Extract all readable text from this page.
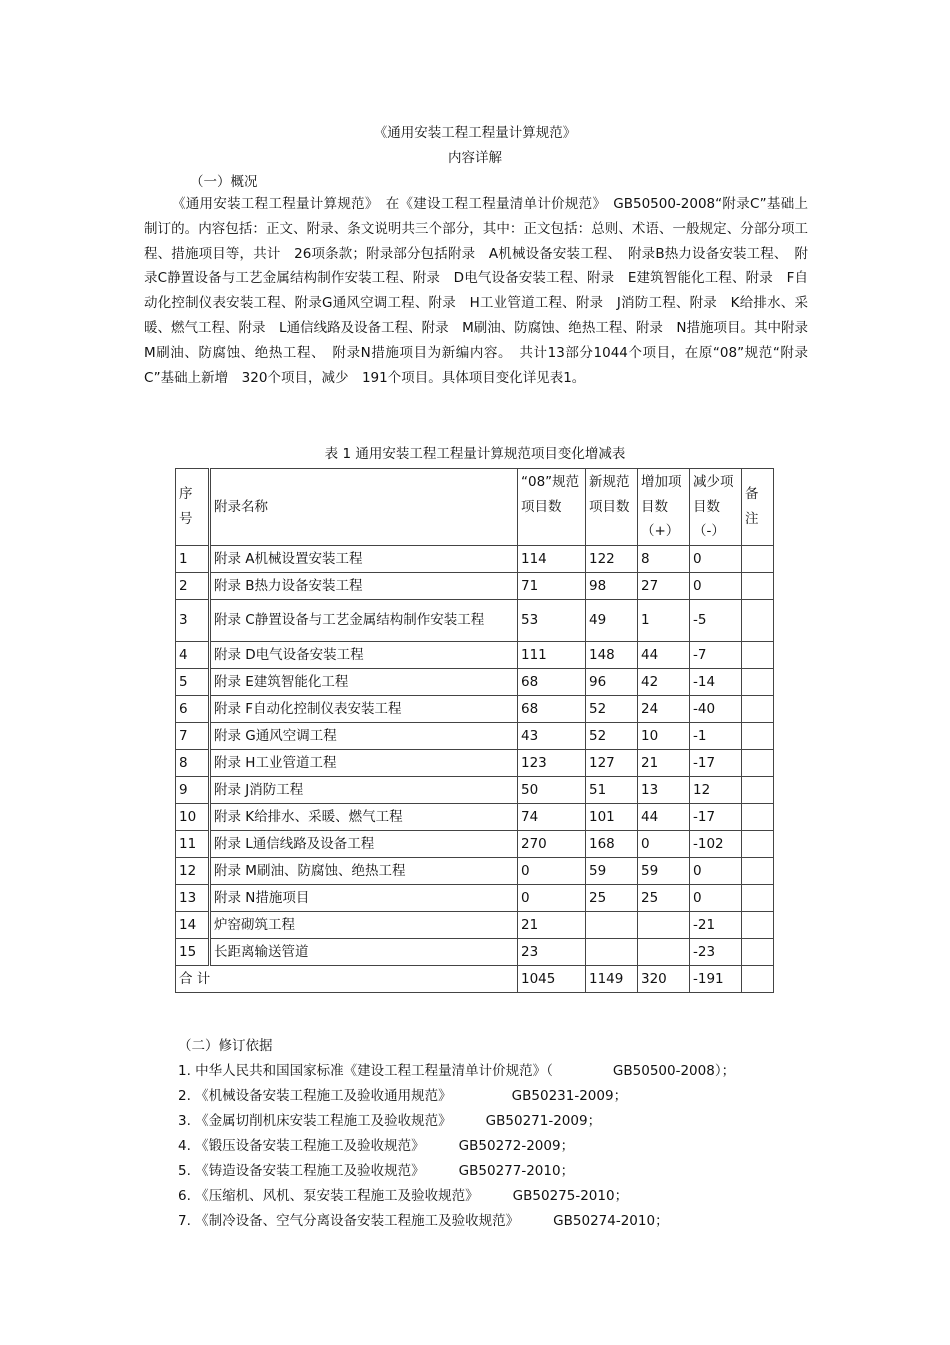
《通用安装工程工程量计算规范》
内容详解
（一）概况

《通用安装工程工程量计算规范》　在《建设工程工程量清单计价规范》　GB50500-2008“附录C”基础上制订的。内容包括：正文、附录、条文说明共三个部分，其中：正文包括：总则、术语、一般规定、分部分项工程、措施项目等，共计　26项条款；附录部分包括附录　A机械设备安装工程、　附录B热力设备安装工程、　附录C静置设备与工艺金属结构制作安装工程、附录　D电气设备安装工程、附录　E建筑智能化工程、附录　F自动化控制仪表安装工程、附录G通风空调工程、附录　H工业管道工程、附录　J消防工程、附录　K给排水、采暖、燃气工程、附录　L通信线路及设备工程、附录　M刷油、防腐蚀、绝热工程、附录　N措施项目。其中附录　M刷油、防腐蚀、绝热工程、　附录N措施项目为新编内容。　共计13部分1044个项目，在原“08”规范“附录　C”基础上新增　320个项目，减少　191个项目。具体项目变化详见表1。

表 1 通用安装工程工程量计算规范项目变化增减表
序号	附录名称	“08”规范项目数	新规范项目数	增加项目数（+）	减少项目数（-）	备注
1	附录 A机械设置安装工程	114	122	8	0	
2	附录 B热力设备安装工程	71	98	27	0	
3	附录 C静置设备与工艺金属结构制作安装工程	53	49	1	-5	
4	附录 D电气设备安装工程	111	148	44	-7	
5	附录 E建筑智能化工程	68	96	42	-14	
6	附录 F自动化控制仪表安装工程	68	52	24	-40	
7	附录 G通风空调工程	43	52	10	-1	
8	附录 H工业管道工程	123	127	21	-17	
9	附录 J消防工程	50	51	13	12	
10	附录 K给排水、采暖、燃气工程	74	101	44	-17	
11	附录 L通信线路及设备工程	270	168	0	-102	
12	附录 M刷油、防腐蚀、绝热工程	0	59	59	0	
13	附录 N措施项目	0	25	25	0	
14	炉窑砌筑工程	21			-21	
15	长距离输送管道	23			-23	
合 计		1045	1149	320	-191	
（二）修订依据
1. 中华人民共和国国家标准《建设工程工程量清单计价规范》（	GB50500-2008）；
2. 《机械设备安装工程施工及验收通用规范》	GB50231-2009；
3. 《金属切削机床安装工程施工及验收规范》	GB50271-2009；
4. 《锻压设备安装工程施工及验收规范》	GB50272-2009；
5. 《铸造设备安装工程施工及验收规范》	GB50277-2010；
6. 《压缩机、风机、泵安装工程施工及验收规范》	GB50275-2010；
7. 《制冷设备、空气分离设备安装工程施工及验收规范》	GB50274-2010；
